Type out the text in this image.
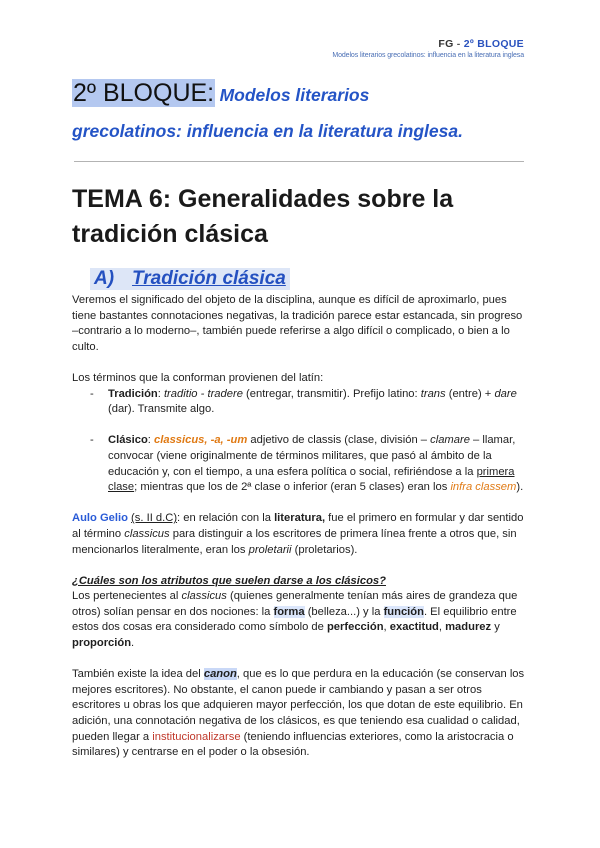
FG - 2º BLOQUE
Modelos literarios grecolatinos: influencia en la literatura inglesa
2º BLOQUE: Modelos literarios
grecolatinos: influencia en la literatura inglesa.
TEMA 6: Generalidades sobre la tradición clásica
A) Tradición clásica

Veremos el significado del objeto de la disciplina, aunque es difícil de aproximarlo, pues tiene bastantes connotaciones negativas, la tradición parece estar estancada, sin progreso –contrario a lo moderno–, también puede referirse a algo difícil o complicado, o bien a lo culto.

Los términos que la conforman provienen del latín:

-	Tradición: traditio - tradere (entregar, transmitir). Prefijo latino: trans (entre) + dare (dar). Transmite algo.
-	Clásico: classicus, -a, -um adjetivo de classis (clase, división – clamare – llamar, convocar (viene originalmente de términos militares, que pasó al ámbito de la educación y, con el tiempo, a una esfera política o social, refiriéndose a la primera clase; mientras que los de 2ª clase o inferior (eran 5 clases) eran los infra classem).

Aulo Gelio (s. II d.C): en relación con la literatura, fue el primero en formular y dar sentido al término classicus para distinguir a los escritores de primera línea frente a otros que, sin mencionarlos literalmente, eran los proletarii (proletarios).

¿Cuáles son los atributos que suelen darse a los clásicos?

Los pertenecientes al classicus (quienes generalmente tenían más aires de grandeza que otros) solían pensar en dos nociones: la forma (belleza...) y la función. El equilibrio entre estos dos cosas era considerado como símbolo de perfección, exactitud, madurez y proporción.

También existe la idea del canon, que es lo que perdura en la educación (se conservan los mejores escritores). No obstante, el canon puede ir cambiando y pasan a ser otros escritores u obras los que adquieren mayor perfección, los que dotan de este equilibrio. En adición, una connotación negativa de los clásicos, es que teniendo esa cualidad o calidad, pueden llegar a institucionalizarse (teniendo influencias exteriores, como la aristocracia o similares) y centrarse en el poder o la obsesión.
